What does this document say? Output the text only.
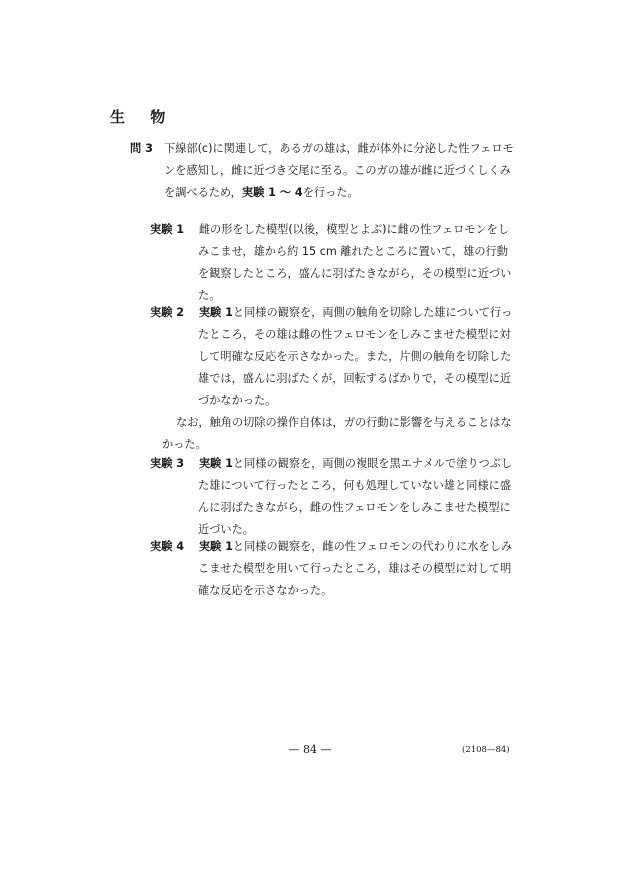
生 物
問 3 下線部(c)に関連して，あるガの雄は，雌が体外に分泌した性フェロモンを感知し，雌に近づき交尾に至る。このガの雄が雌に近づくしくみを調べるため，実験 1 ～ 4を行った。

実験 1　 雌の形をした模型(以後，模型とよぶ)に雌の性フェロモンをしみこませ，雄から約 15 cm 離れたところに置いて，雄の行動を観察したところ，盛んに羽ばたきながら，その模型に近づいた。

実験 2　 実験 1と同様の観察を，両側の触角を切除した雄について行ったところ，その雄は雌の性フェロモンをしみこませた模型に対して明確な反応を示さなかった。また，片側の触角を切除した雄では，盛んに羽ばたくが，回転するばかりで，その模型に近づかなかった。

なお，触角の切除の操作自体は，ガの行動に影響を与えることはなかった。

実験 3　 実験 1と同様の観察を，両側の複眼を黒エナメルで塗りつぶした雄について行ったところ，何も処理していない雄と同様に盛んに羽ばたきながら，雌の性フェロモンをしみこませた模型に近づいた。

実験 4　 実験 1と同様の観察を，雌の性フェロモンの代わりに水をしみこませた模型を用いて行ったところ，雄はその模型に対して明確な反応を示さなかった。

— 84 —	(2108—84)
